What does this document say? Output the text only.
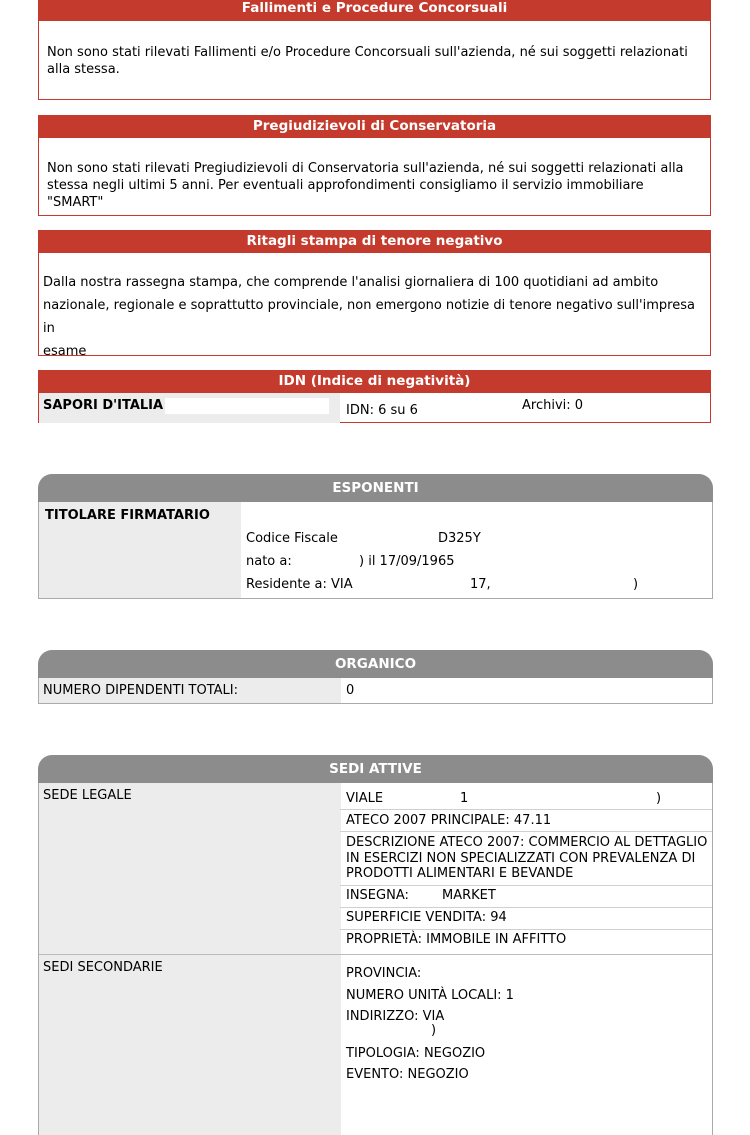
Fallimenti e Procedure Concorsuali
Non sono stati rilevati Fallimenti e/o Procedure Concorsuali sull'azienda, né sui soggetti relazionati
alla stessa.
Pregiudizievoli di Conservatoria
Non sono stati rilevati Pregiudizievoli di Conservatoria sull'azienda, né sui soggetti relazionati alla
stessa negli ultimi 5 anni. Per eventuali approfondimenti consigliamo il servizio immobiliare "SMART"
Ritagli stampa di tenore negativo
Dalla nostra rassegna stampa, che comprende l'analisi giornaliera di 100 quotidiani ad ambito
nazionale, regionale e soprattutto provinciale, non emergono notizie di tenore negativo sull'impresa in
esame
IDN (Indice di negatività)
SAPORI D'ITALIA	IDN: 6 su 6	Archivi: 0
ESPONENTI
TITOLARE FIRMATARIO
Codice Fiscale	D325Y
nato a:	) il 17/09/1965
Residente a: VIA	17,	)
ORGANICO
NUMERO DIPENDENTI TOTALI:	0
SEDI ATTIVE
SEDE LEGALE	VIALE	1	)
ATECO 2007 PRINCIPALE: 47.11
DESCRIZIONE ATECO 2007: COMMERCIO AL DETTAGLIO
IN ESERCIZI NON SPECIALIZZATI CON PREVALENZA DI
PRODOTTI ALIMENTARI E BEVANDE
INSEGNA:	MARKET
SUPERFICIE VENDITA: 94
PROPRIETÀ: IMMOBILE IN AFFITTO
SEDI SECONDARIE	PROVINCIA:
NUMERO UNITÀ LOCALI: 1
INDIRIZZO: VIA
)
TIPOLOGIA: NEGOZIO
EVENTO: NEGOZIO
